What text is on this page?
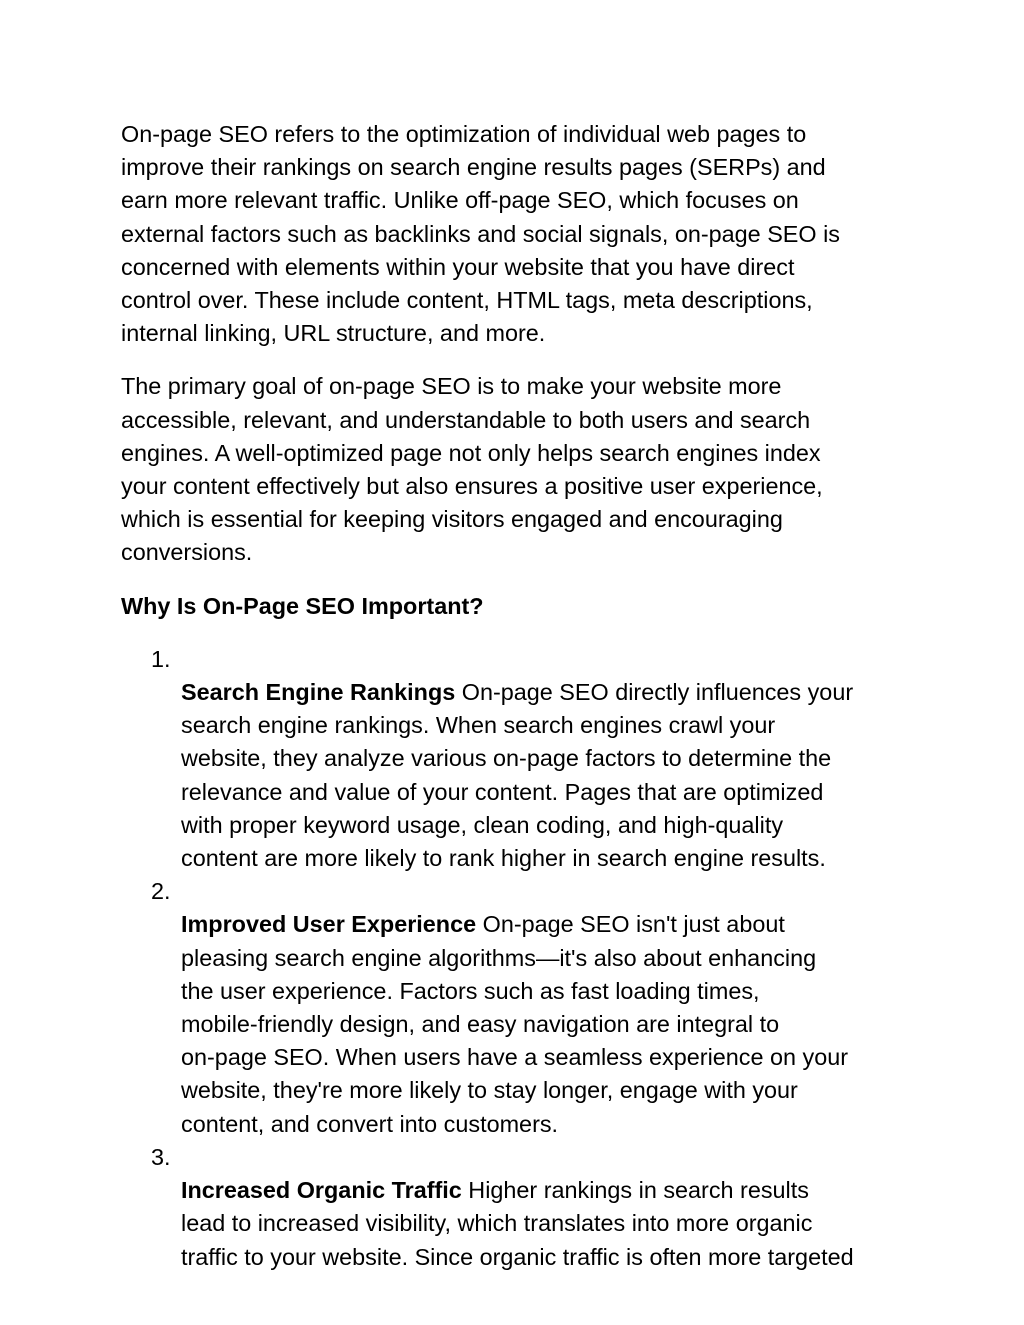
On-page SEO refers to the optimization of individual web pages to
improve their rankings on search engine results pages (SERPs) and
earn more relevant traffic. Unlike off-page SEO, which focuses on
external factors such as backlinks and social signals, on-page SEO is
concerned with elements within your website that you have direct
control over. These include content, HTML tags, meta descriptions,
internal linking, URL structure, and more.

The primary goal of on-page SEO is to make your website more
accessible, relevant, and understandable to both users and search
engines. A well-optimized page not only helps search engines index
your content effectively but also ensures a positive user experience,
which is essential for keeping visitors engaged and encouraging
conversions.

Why Is On-Page SEO Important?

1.
Search Engine Rankings On-page SEO directly influences your
search engine rankings. When search engines crawl your
website, they analyze various on-page factors to determine the
relevance and value of your content. Pages that are optimized
with proper keyword usage, clean coding, and high-quality
content are more likely to rank higher in search engine results.

2.
Improved User Experience On-page SEO isn't just about
pleasing search engine algorithms—it's also about enhancing
the user experience. Factors such as fast loading times,
mobile-friendly design, and easy navigation are integral to
on-page SEO. When users have a seamless experience on your
website, they're more likely to stay longer, engage with your
content, and convert into customers.

3.
Increased Organic Traffic Higher rankings in search results
lead to increased visibility, which translates into more organic
traffic to your website. Since organic traffic is often more targeted
